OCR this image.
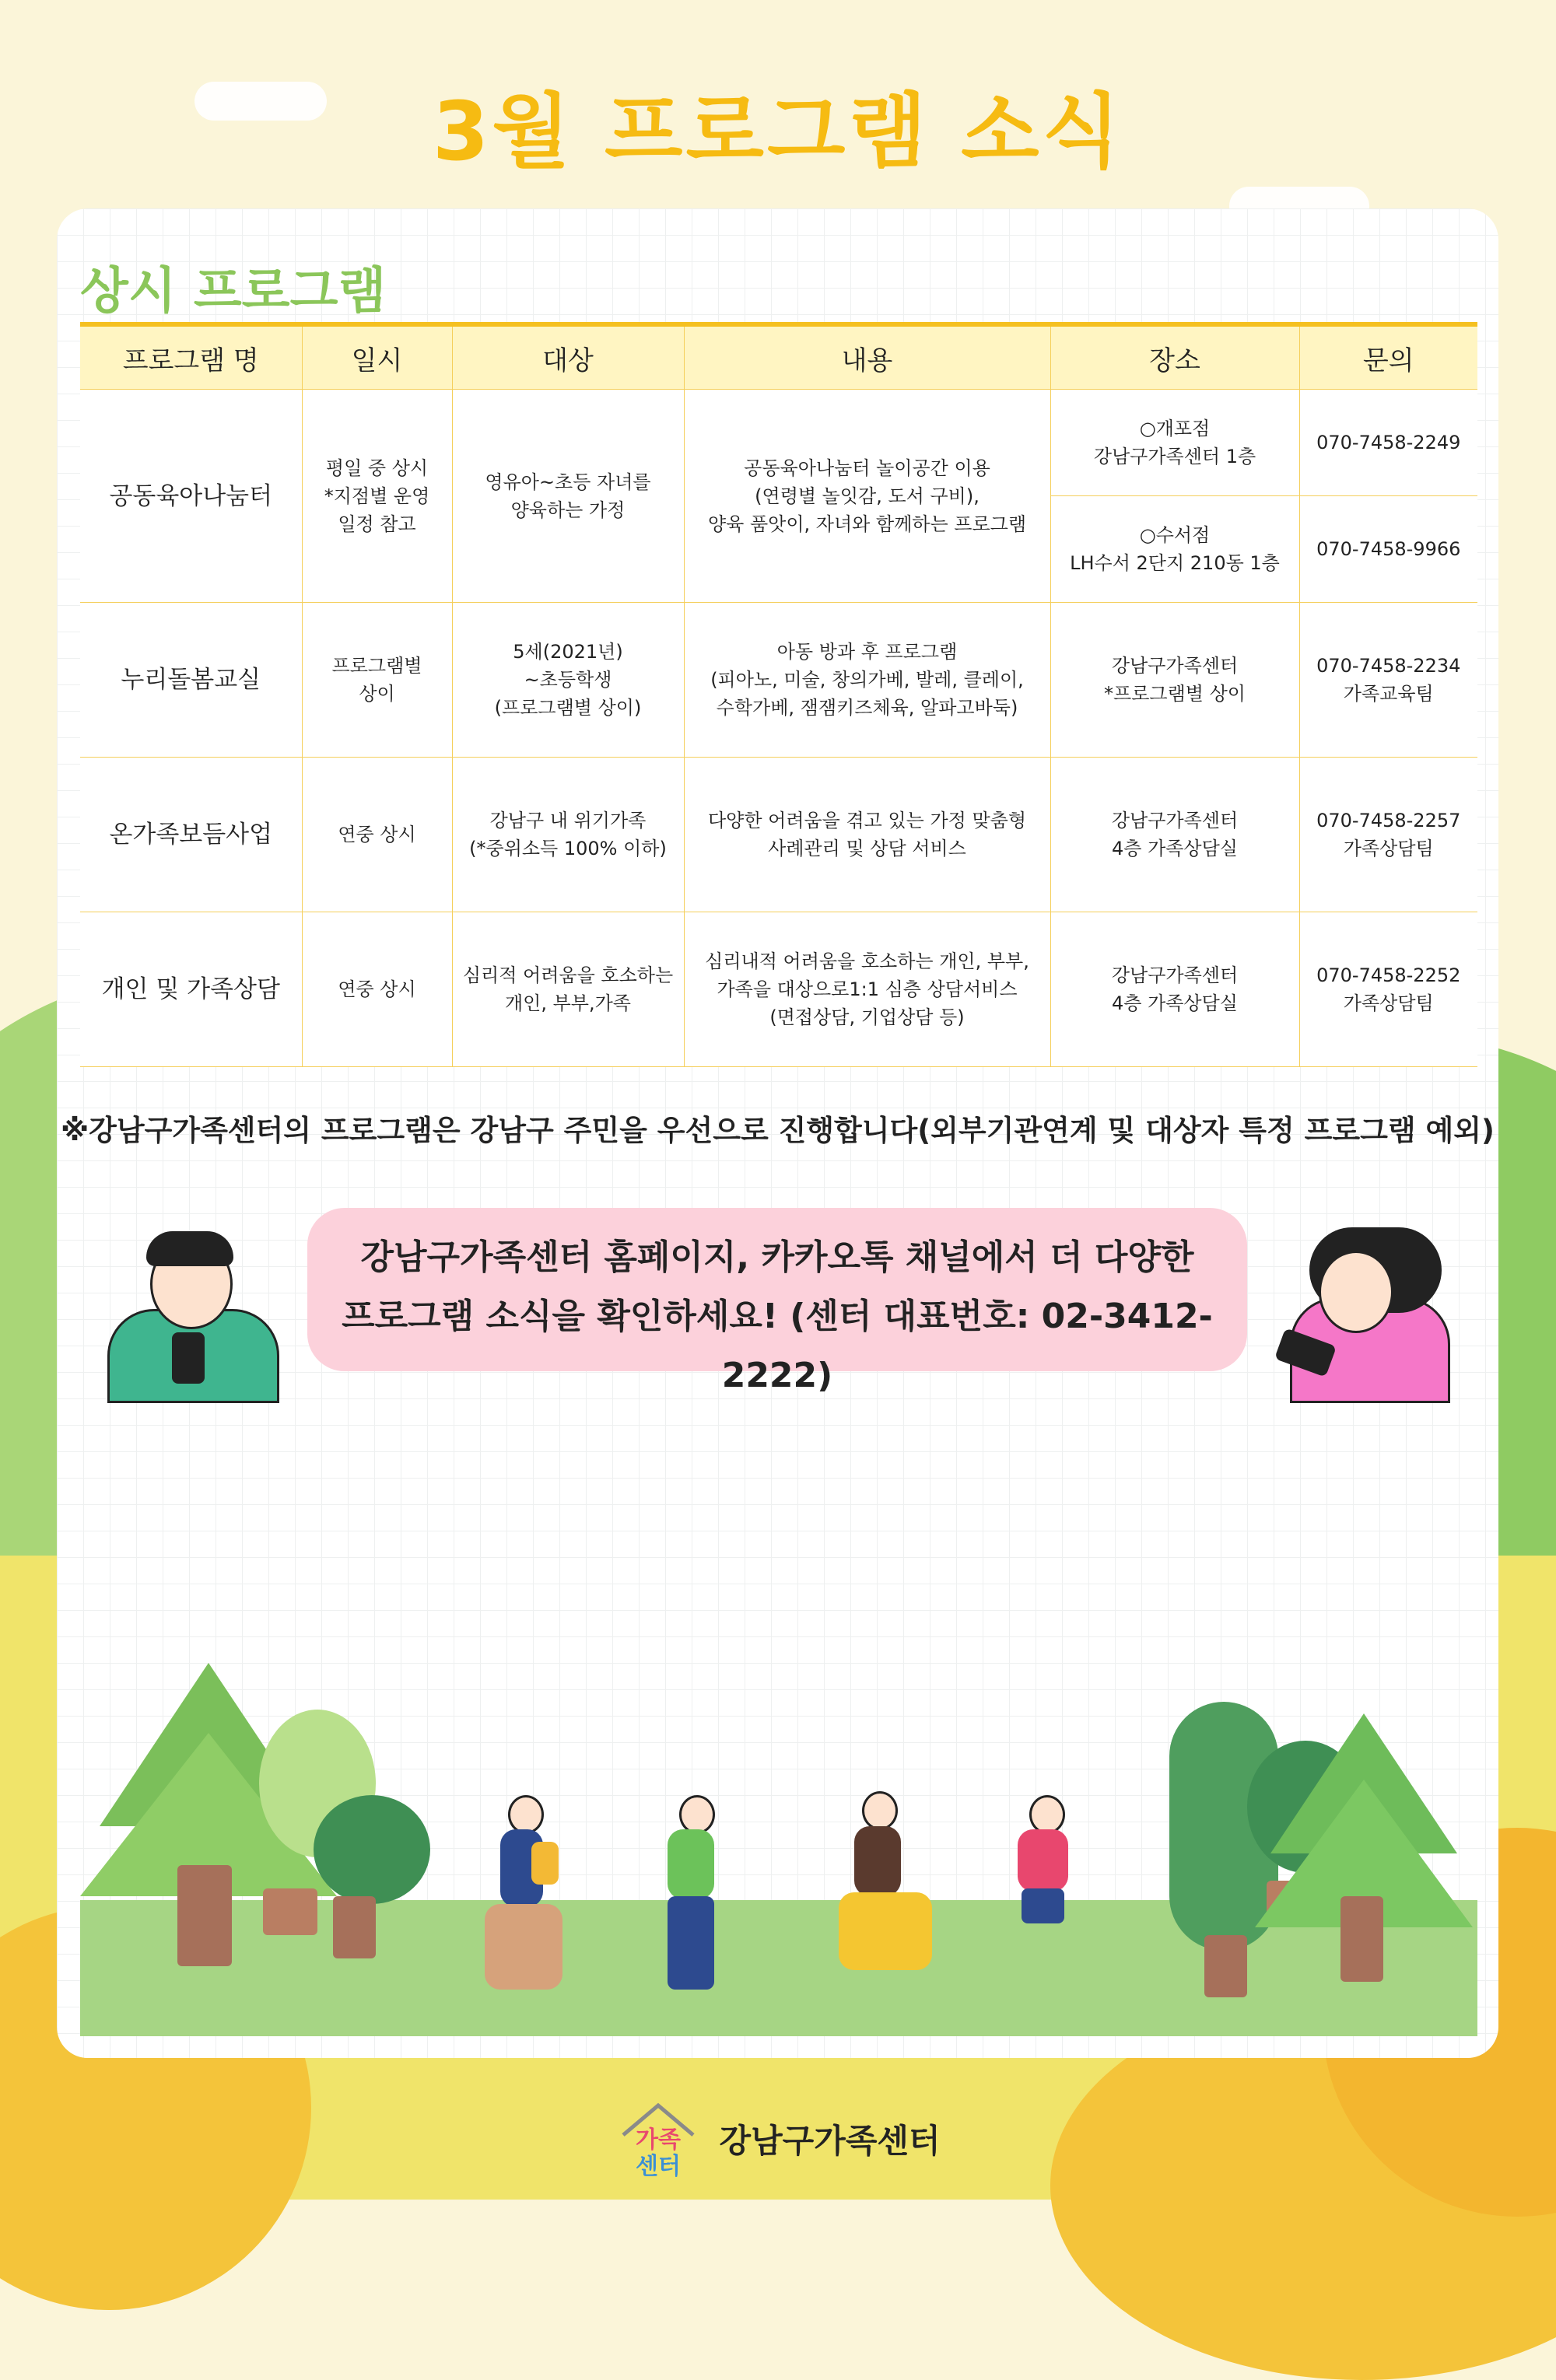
3월 프로그램 소식
상시 프로그램
프로그램 명	일시	대상	내용	장소	문의
공동육아나눔터	평일 중 상시
*지점별 운영
일정 참고	영유아~초등 자녀를
양육하는 가정	공동육아나눔터 놀이공간 이용
(연령별 놀잇감, 도서 구비),
양육 품앗이, 자녀와 함께하는 프로그램	○개포점
강남구가족센터 1층	070-7458-2249
				○수서점
LH수서 2단지 210동 1층	070-7458-9966
누리돌봄교실	프로그램별
상이	5세(2021년)
~초등학생
(프로그램별 상이)	아동 방과 후 프로그램
(피아노, 미술, 창의가베, 발레, 클레이,
수학가베, 잼잼키즈체육, 알파고바둑)	강남구가족센터
*프로그램별 상이	070-7458-2234
가족교육팀
온가족보듬사업	연중 상시	강남구 내 위기가족
(*중위소득 100% 이하)	다양한 어려움을 겪고 있는 가정 맞춤형
사례관리 및 상담 서비스	강남구가족센터
4층 가족상담실	070-7458-2257
가족상담팀
개인 및 가족상담	연중 상시	심리적 어려움을 호소하는
개인, 부부,가족	심리내적 어려움을 호소하는 개인, 부부,
가족을 대상으로1:1 심층 상담서비스
(면접상담, 기업상담 등)	강남구가족센터
4층 가족상담실	070-7458-2252
가족상담팀
※강남구가족센터의 프로그램은 강남구 주민을 우선으로 진행합니다(외부기관연계 및 대상자 특정 프로그램 예외)
강남구가족센터 홈페이지, 카카오톡 채널에서 더 다양한
프로그램 소식을 확인하세요! (센터 대표번호: 02-3412-2222)
가족
센터
강남구가족센터
